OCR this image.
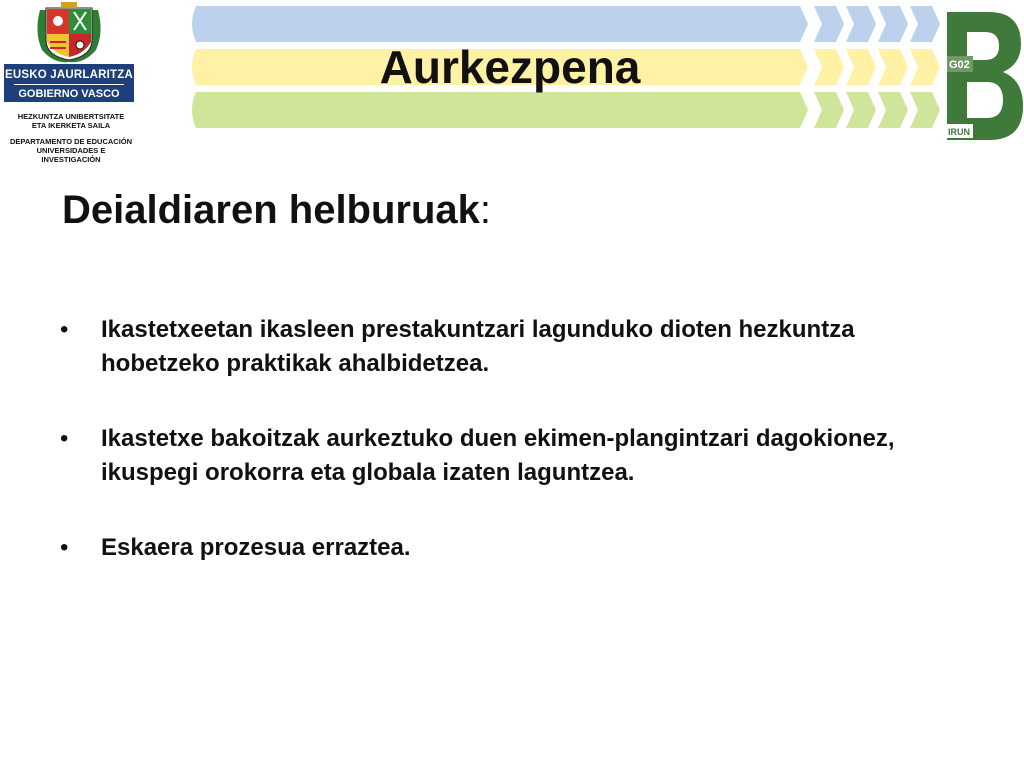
EUSKO JAURLARITZA
GOBIERNO VASCO
HEZKUNTZA UNIBERTSITATE
ETA IKERKETA SAILA
DEPARTAMENTO DE EDUCACIÓN
UNIVERSIDADES E INVESTIGACIÓN
Aurkezpena	G02
IRUN
Deialdiaren helburuak:
• Ikastetxeetan ikasleen prestakuntzari lagunduko dioten hezkuntza hobetzeko praktikak ahalbidetzea.
• Ikastetxe bakoitzak aurkeztuko duen ekimen-plangintzari dagokionez, ikuspegi orokorra eta globala izaten laguntzea.
• Eskaera prozesua erraztea.
